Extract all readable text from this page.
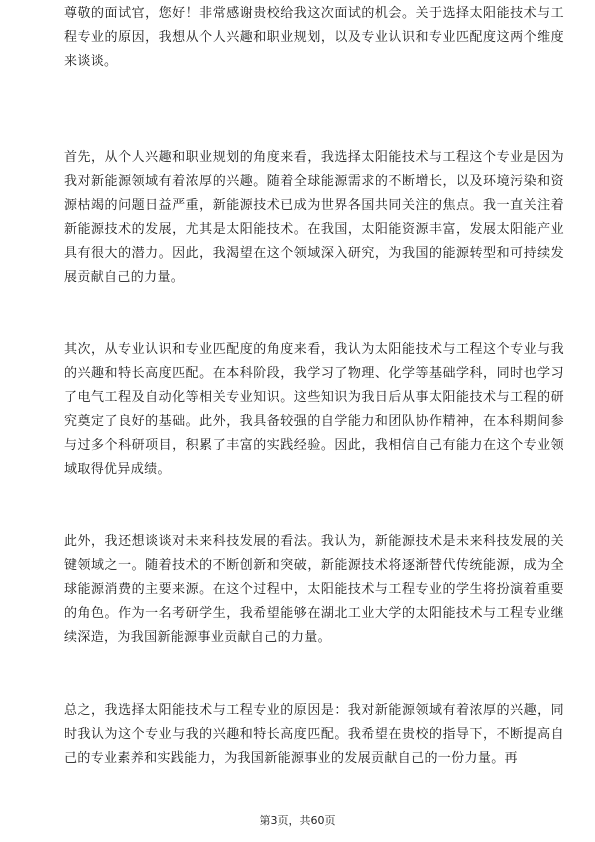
尊敬的面试官，您好！非常感谢贵校给我这次面试的机会。关于选择太阳能技术与工程专业的原因，我想从个人兴趣和职业规划，以及专业认识和专业匹配度这两个维度来谈谈。

首先，从个人兴趣和职业规划的角度来看，我选择太阳能技术与工程这个专业是因为我对新能源领域有着浓厚的兴趣。随着全球能源需求的不断增长，以及环境污染和资源枯竭的问题日益严重，新能源技术已成为世界各国共同关注的焦点。我一直关注着新能源技术的发展，尤其是太阳能技术。在我国，太阳能资源丰富，发展太阳能产业具有很大的潜力。因此，我渴望在这个领域深入研究，为我国的能源转型和可持续发展贡献自己的力量。

其次，从专业认识和专业匹配度的角度来看，我认为太阳能技术与工程这个专业与我的兴趣和特长高度匹配。在本科阶段，我学习了物理、化学等基础学科，同时也学习了电气工程及自动化等相关专业知识。这些知识为我日后从事太阳能技术与工程的研究奠定了良好的基础。此外，我具备较强的自学能力和团队协作精神，在本科期间参与过多个科研项目，积累了丰富的实践经验。因此，我相信自己有能力在这个专业领域取得优异成绩。

此外，我还想谈谈对未来科技发展的看法。我认为，新能源技术是未来科技发展的关键领域之一。随着技术的不断创新和突破，新能源技术将逐渐替代传统能源，成为全球能源消费的主要来源。在这个过程中，太阳能技术与工程专业的学生将扮演着重要的角色。作为一名考研学生，我希望能够在湖北工业大学的太阳能技术与工程专业继续深造，为我国新能源事业贡献自己的力量。

总之，我选择太阳能技术与工程专业的原因是：我对新能源领域有着浓厚的兴趣，同时我认为这个专业与我的兴趣和特长高度匹配。我希望在贵校的指导下，不断提高自己的专业素养和实践能力，为我国新能源事业的发展贡献自己的一份力量。再

第3页，共60页
